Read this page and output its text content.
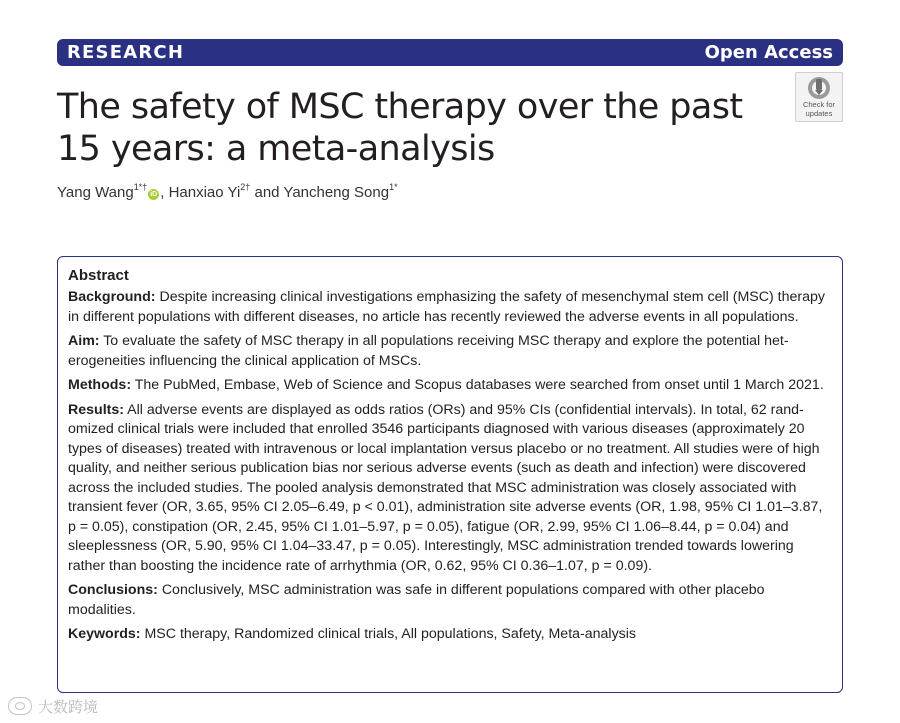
RESEARCH	Open Access
The safety of MSC therapy over the past
15 years: a meta-analysis
Check for
updates
Yang Wang$^{1*\dagger}$iD , Hanxiao $Yi^{2\dagger}$ and Yancheng Song$^{1*}$
Abstract

Background: Despite increasing clinical investigations emphasizing the safety of mesenchymal stem cell (MSC) therapy in different populations with different diseases, no article has recently reviewed the adverse events in all populations.

Aim: To evaluate the safety of MSC therapy in all populations receiving MSC therapy and explore the potential het-erogeneities influencing the clinical application of MSCs.

Methods: The PubMed, Embase, Web of Science and Scopus databases were searched from onset until 1 March 2021.

Results: All adverse events are displayed as odds ratios (ORs) and 95% CIs (confidential intervals). In total, 62 rand-omized clinical trials were included that enrolled 3546 participants diagnosed with various diseases (approximately 20 types of diseases) treated with intravenous or local implantation versus placebo or no treatment. All studies were of high quality, and neither serious publication bias nor serious adverse events (such as death and infection) were discovered across the included studies. The pooled analysis demonstrated that MSC administration was closely associated with transient fever (OR, 3.65, 95% CI 2.05–6.49, p < 0.01), administration site adverse events (OR, 1.98, 95% CI 1.01–3.87, p = 0.05), constipation (OR, 2.45, 95% CI 1.01–5.97, p = 0.05), fatigue (OR, 2.99, 95% CI 1.06–8.44, p = 0.04) and sleeplessness (OR, 5.90, 95% CI 1.04–33.47, p = 0.05). Interestingly, MSC administration trended towards lowering rather than boosting the incidence rate of arrhythmia (OR, 0.62, 95% CI 0.36–1.07, p = 0.09).

Conclusions: Conclusively, MSC administration was safe in different populations compared with other placebo modalities.

Keywords: MSC therapy, Randomized clinical trials, All populations, Safety, Meta-analysis

大数跨境
